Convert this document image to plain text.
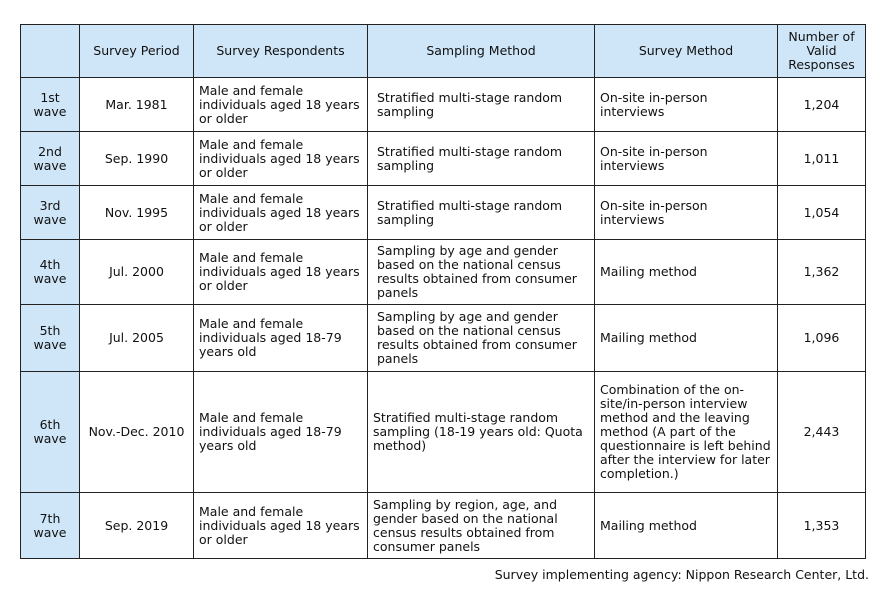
	Survey Period	Survey Respondents	Sampling Method	Survey Method	Number of
Valid
Responses
1st
wave	Mar. 1981	Male and female individuals aged 18 years or older	Stratified multi-stage random sampling	On-site in-person interviews	1,204
2nd
wave	Sep. 1990	Male and female individuals aged 18 years or older	Stratified multi-stage random sampling	On-site in-person interviews	1,011
3rd
wave	Nov. 1995	Male and female individuals aged 18 years or older	Stratified multi-stage random sampling	On-site in-person interviews	1,054
4th
wave	Jul. 2000	Male and female individuals aged 18 years or older	Sampling by age and gender based on the national census results obtained from consumer panels	Mailing method	1,362
5th
wave	Jul. 2005	Male and female individuals aged 18-79 years old	Sampling by age and gender based on the national census results obtained from consumer panels	Mailing method	1,096
6th
wave	Nov.-Dec. 2010	Male and female individuals aged 18-79 years old	Stratified multi-stage random sampling (18-19 years old: Quota method)	Combination of the on-site/in-person interview method and the leaving method (A part of the questionnaire is left behind after the interview for later completion.)	2,443
7th
wave	Sep. 2019	Male and female individuals aged 18 years or older	Sampling by region, age, and gender based on the national census results obtained from consumer panels	Mailing method	1,353
Survey implementing agency: Nippon Research Center, Ltd.
